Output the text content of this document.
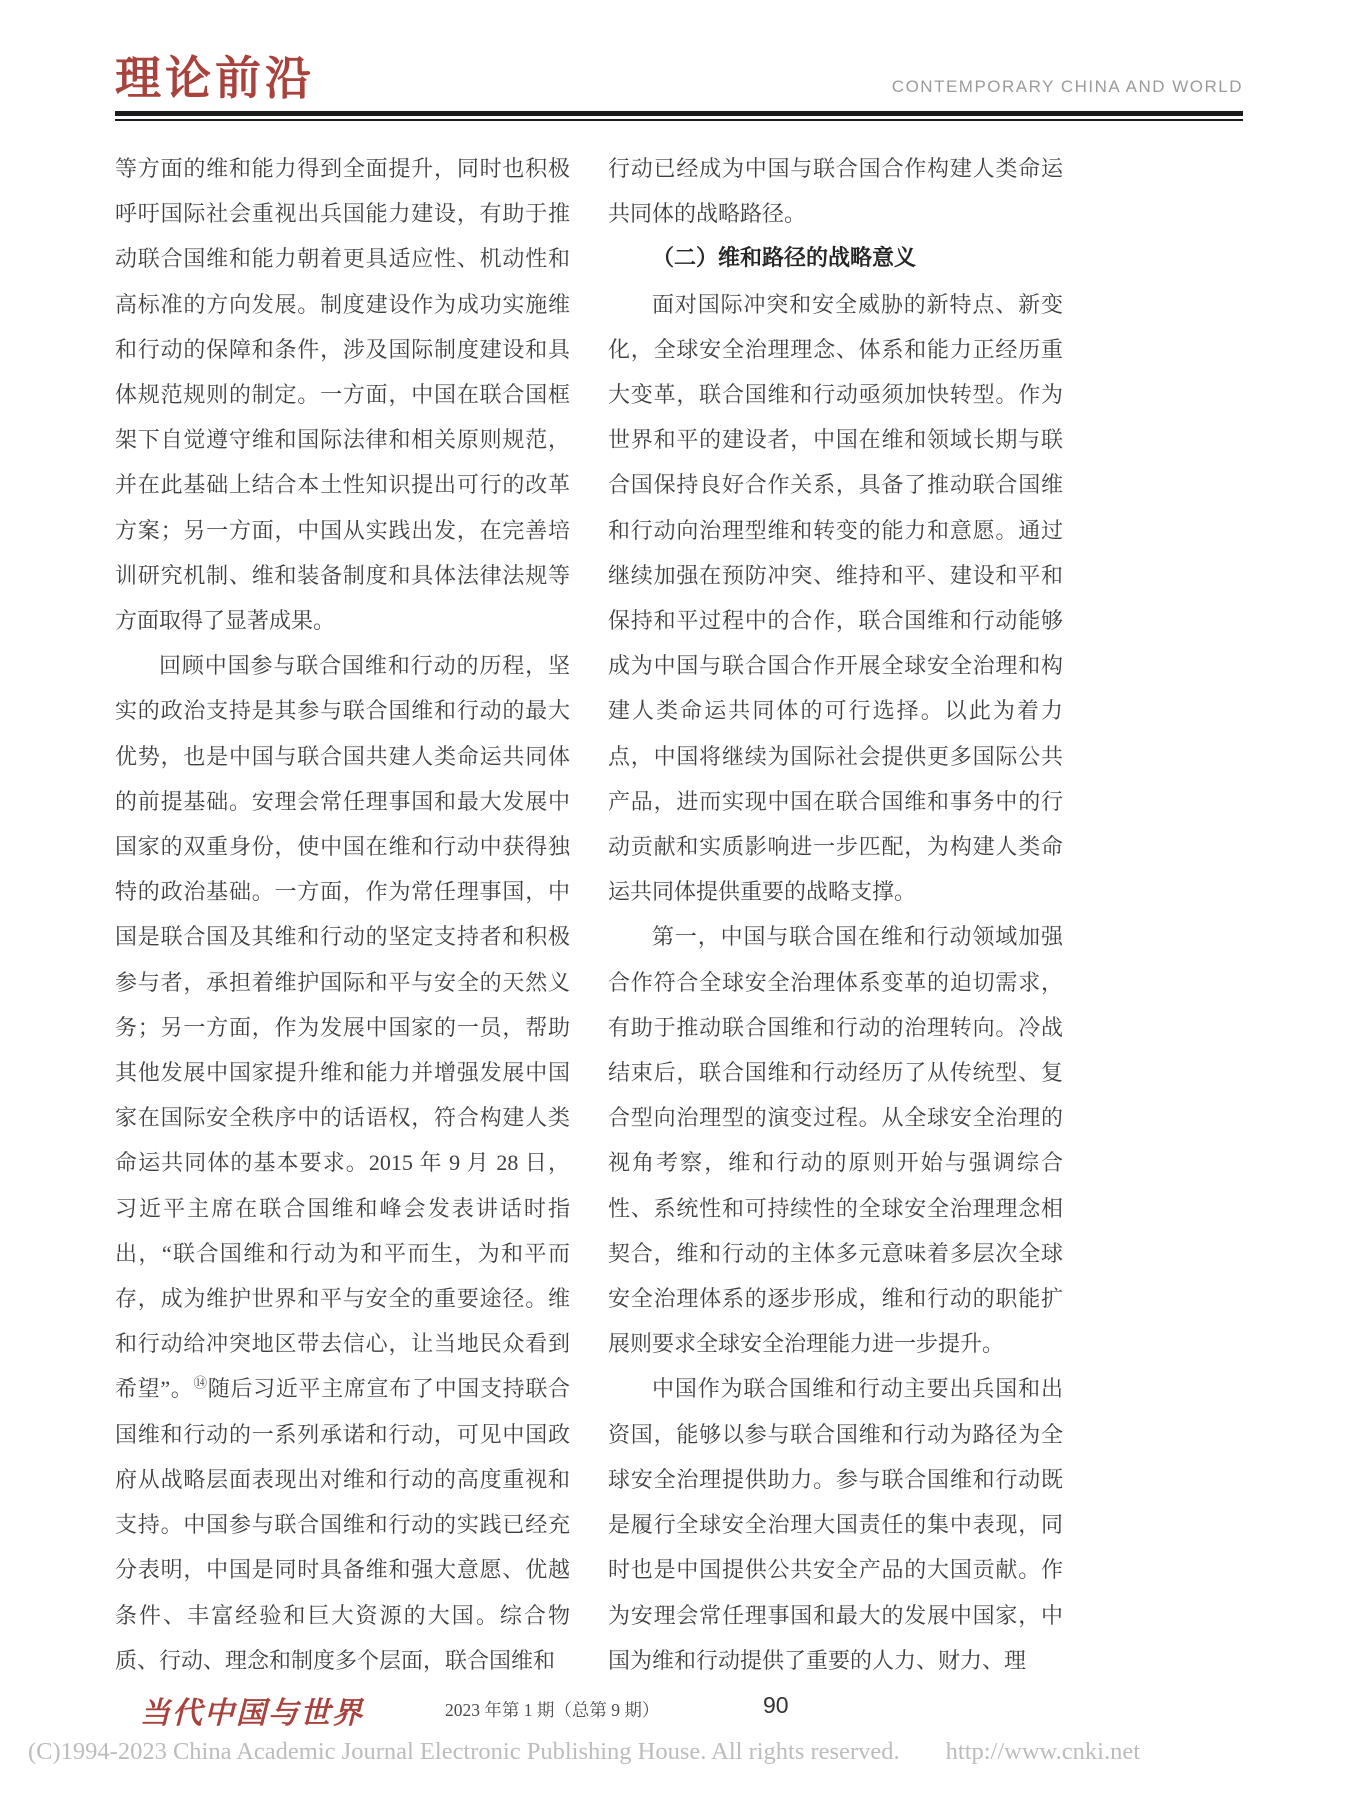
理论前沿	CONTEMPORARY CHINA AND WORLD

等方面的维和能力得到全面提升，同时也积极呼吁国际社会重视出兵国能力建设，有助于推动联合国维和能力朝着更具适应性、机动性和高标准的方向发展。制度建设作为成功实施维和行动的保障和条件，涉及国际制度建设和具体规范规则的制定。一方面，中国在联合国框架下自觉遵守维和国际法律和相关原则规范，并在此基础上结合本土性知识提出可行的改革方案；另一方面，中国从实践出发，在完善培训研究机制、维和装备制度和具体法律法规等方面取得了显著成果。

回顾中国参与联合国维和行动的历程，坚实的政治支持是其参与联合国维和行动的最大优势，也是中国与联合国共建人类命运共同体的前提基础。安理会常任理事国和最大发展中国家的双重身份，使中国在维和行动中获得独特的政治基础。一方面，作为常任理事国，中国是联合国及其维和行动的坚定支持者和积极参与者，承担着维护国际和平与安全的天然义务；另一方面，作为发展中国家的一员，帮助其他发展中国家提升维和能力并增强发展中国家在国际安全秩序中的话语权，符合构建人类命运共同体的基本要求。2015 年 9 月 28 日，习近平主席在联合国维和峰会发表讲话时指出，“联合国维和行动为和平而生，为和平而存，成为维护世界和平与安全的重要途径。维和行动给冲突地区带去信心，让当地民众看到希望”。⑭随后习近平主席宣布了中国支持联合国维和行动的一系列承诺和行动，可见中国政府从战略层面表现出对维和行动的高度重视和支持。中国参与联合国维和行动的实践已经充分表明，中国是同时具备维和强大意愿、优越条件、丰富经验和巨大资源的大国。综合物质、行动、理念和制度多个层面，联合国维和

行动已经成为中国与联合国合作构建人类命运共同体的战略路径。

（二）维和路径的战略意义

面对国际冲突和安全威胁的新特点、新变化，全球安全治理理念、体系和能力正经历重大变革，联合国维和行动亟须加快转型。作为世界和平的建设者，中国在维和领域长期与联合国保持良好合作关系，具备了推动联合国维和行动向治理型维和转变的能力和意愿。通过继续加强在预防冲突、维持和平、建设和平和保持和平过程中的合作，联合国维和行动能够成为中国与联合国合作开展全球安全治理和构建人类命运共同体的可行选择。以此为着力点，中国将继续为国际社会提供更多国际公共产品，进而实现中国在联合国维和事务中的行动贡献和实质影响进一步匹配，为构建人类命运共同体提供重要的战略支撑。

第一，中国与联合国在维和行动领域加强合作符合全球安全治理体系变革的迫切需求，有助于推动联合国维和行动的治理转向。冷战结束后，联合国维和行动经历了从传统型、复合型向治理型的演变过程。从全球安全治理的视角考察，维和行动的原则开始与强调综合性、系统性和可持续性的全球安全治理理念相契合，维和行动的主体多元意味着多层次全球安全治理体系的逐步形成，维和行动的职能扩展则要求全球安全治理能力进一步提升。

中国作为联合国维和行动主要出兵国和出资国，能够以参与联合国维和行动为路径为全球安全治理提供助力。参与联合国维和行动既是履行全球安全治理大国责任的集中表现，同时也是中国提供公共安全产品的大国贡献。作为安理会常任理事国和最大的发展中国家，中国为维和行动提供了重要的人力、财力、理

当代中国与世界	2023 年第 1 期（总第 9 期）	90
(C)1994-2023 China Academic Journal Electronic Publishing House. All rights reserved. http://www.cnki.net
